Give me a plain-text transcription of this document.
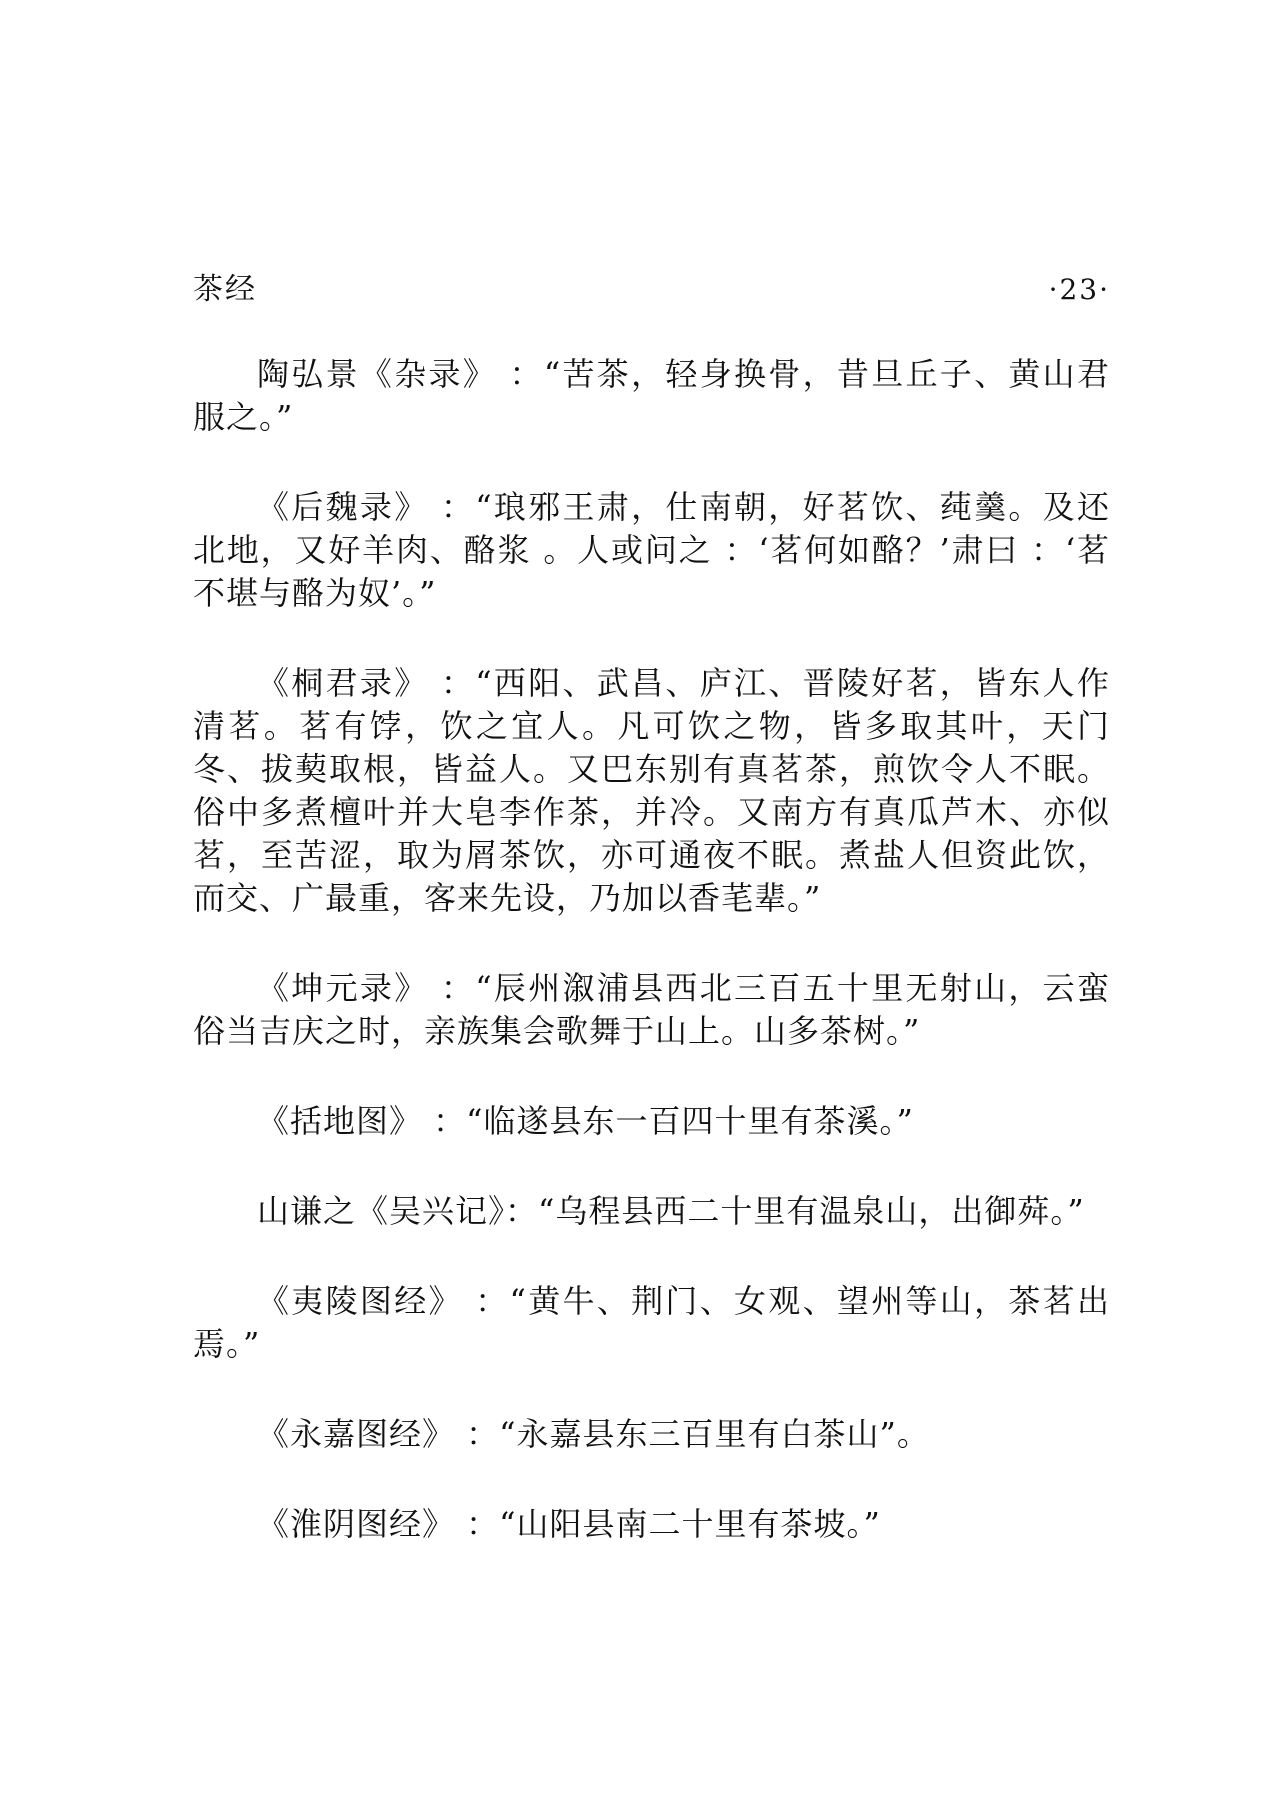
茶经	·23·

陶弘景《杂录》 ：“苦茶，轻身换骨，昔旦丘子、黄山君服之。”

《后魏录》 ：“琅邪王肃，仕南朝，好茗饮、莼羹。及还北地，又好羊肉、酪浆 。人或问之 ：‘茗何如酪？’肃曰 ：‘茗不堪与酪为奴’。”

《桐君录》 ：“西阳、武昌、庐江、晋陵好茗，皆东人作清茗。茗有饽，饮之宜人。凡可饮之物，皆多取其叶，天门冬、拔葜取根，皆益人。又巴东别有真茗茶，煎饮令人不眠。俗中多煮檀叶并大皂李作茶，并冷。又南方有真瓜芦木、亦似茗，至苦涩，取为屑茶饮，亦可通夜不眠。煮盐人但资此饮，而交、广最重，客来先设，乃加以香芼辈。”

《坤元录》 ：“辰州溆浦县西北三百五十里无射山，云蛮俗当吉庆之时，亲族集会歌舞于山上。山多茶树。”

《括地图》 ：“临遂县东一百四十里有茶溪。”

山谦之《吴兴记》：“乌程县西二十里有温泉山，出御荈。”

《夷陵图经》 ：“黄牛、荆门、女观、望州等山，茶茗出焉。”

《永嘉图经》 ：“永嘉县东三百里有白茶山”。

《淮阴图经》 ：“山阳县南二十里有茶坡。”
